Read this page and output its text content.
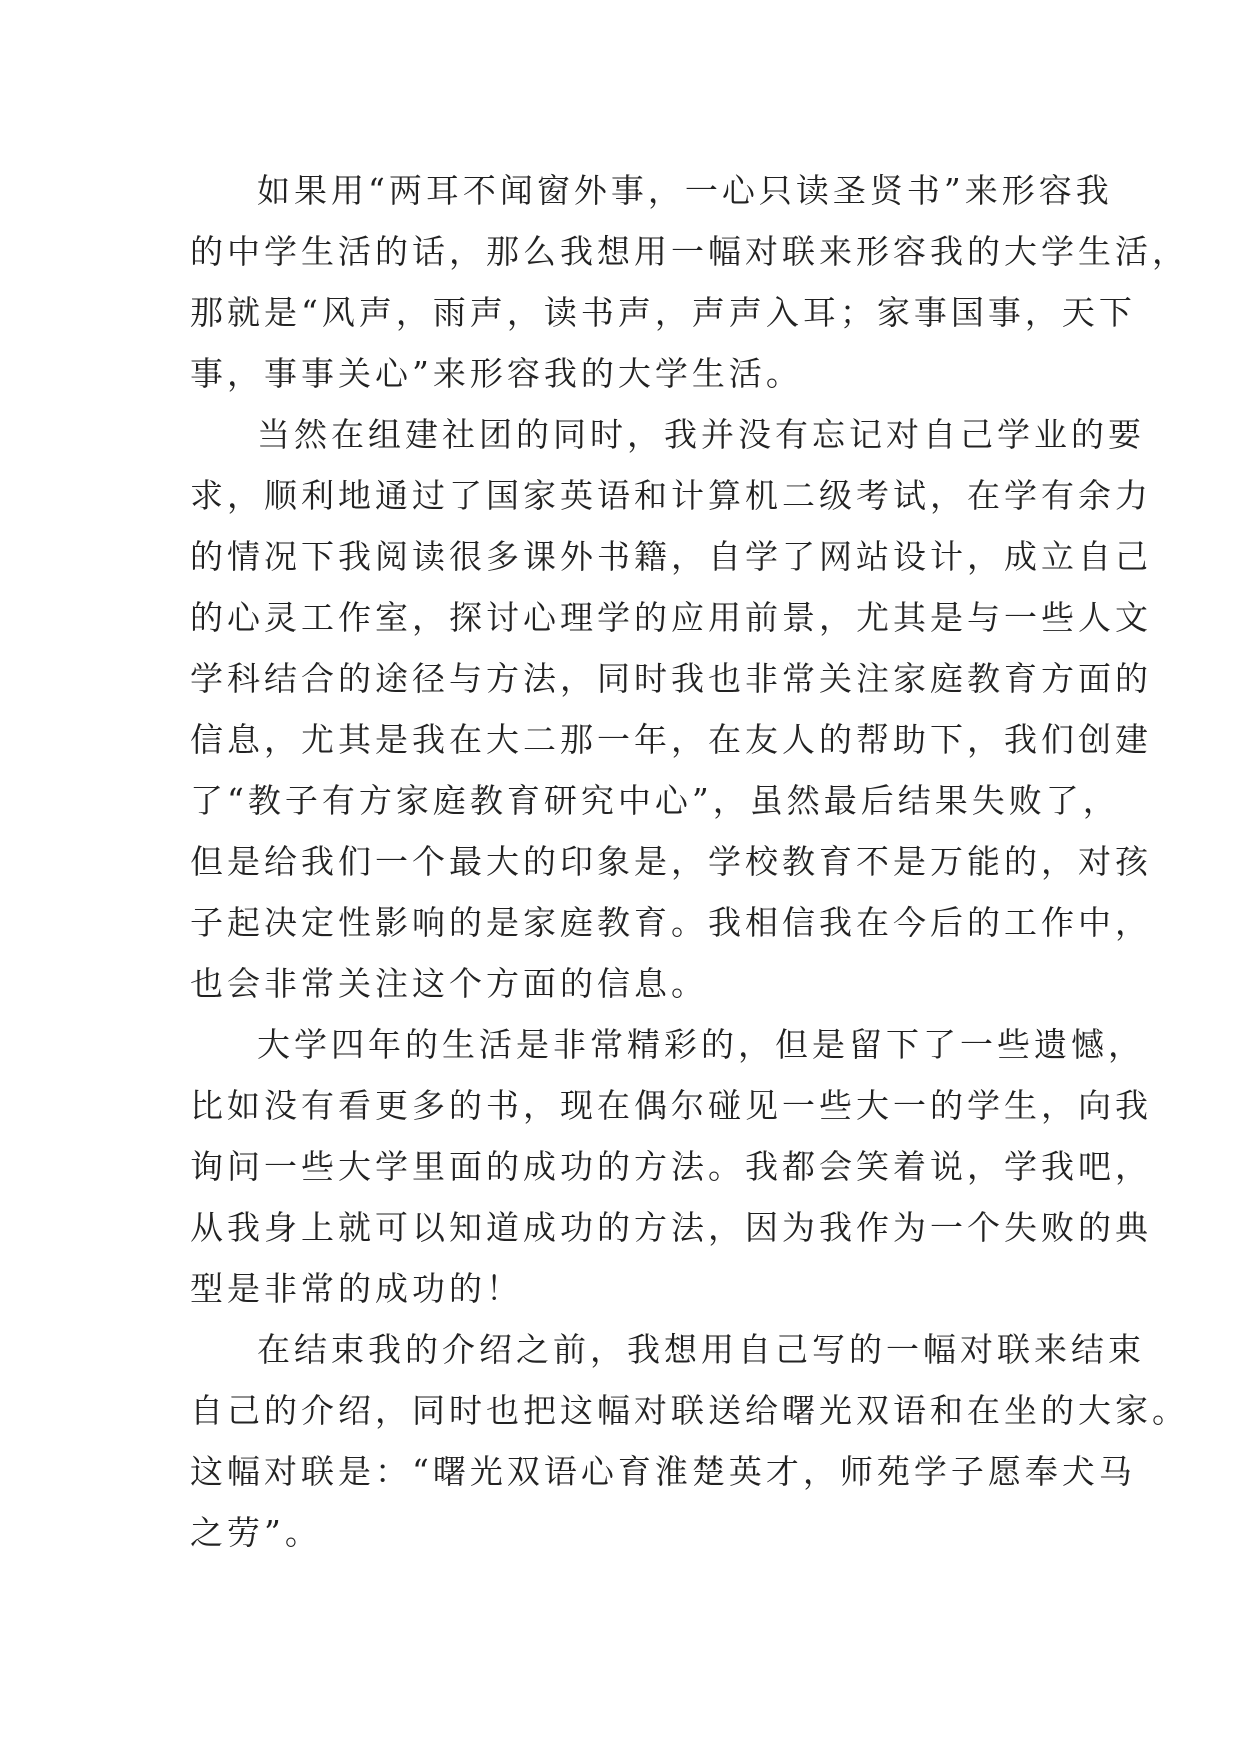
如果用“两耳不闻窗外事，一心只读圣贤书”来形容我
的中学生活的话，那么我想用一幅对联来形容我的大学生活，
那就是“风声，雨声，读书声，声声入耳；家事国事，天下
事，事事关心”来形容我的大学生活。
当然在组建社团的同时，我并没有忘记对自己学业的要
求，顺利地通过了国家英语和计算机二级考试，在学有余力
的情况下我阅读很多课外书籍，自学了网站设计，成立自己
的心灵工作室，探讨心理学的应用前景，尤其是与一些人文
学科结合的途径与方法，同时我也非常关注家庭教育方面的
信息，尤其是我在大二那一年，在友人的帮助下，我们创建
了“教子有方家庭教育研究中心”，虽然最后结果失败了，
但是给我们一个最大的印象是，学校教育不是万能的，对孩
子起决定性影响的是家庭教育。我相信我在今后的工作中，
也会非常关注这个方面的信息。
大学四年的生活是非常精彩的，但是留下了一些遗憾，
比如没有看更多的书，现在偶尔碰见一些大一的学生，向我
询问一些大学里面的成功的方法。我都会笑着说，学我吧，
从我身上就可以知道成功的方法，因为我作为一个失败的典
型是非常的成功的！
在结束我的介绍之前，我想用自己写的一幅对联来结束
自己的介绍，同时也把这幅对联送给曙光双语和在坐的大家。
这幅对联是：“曙光双语心育淮楚英才，师苑学子愿奉犬马
之劳”。
